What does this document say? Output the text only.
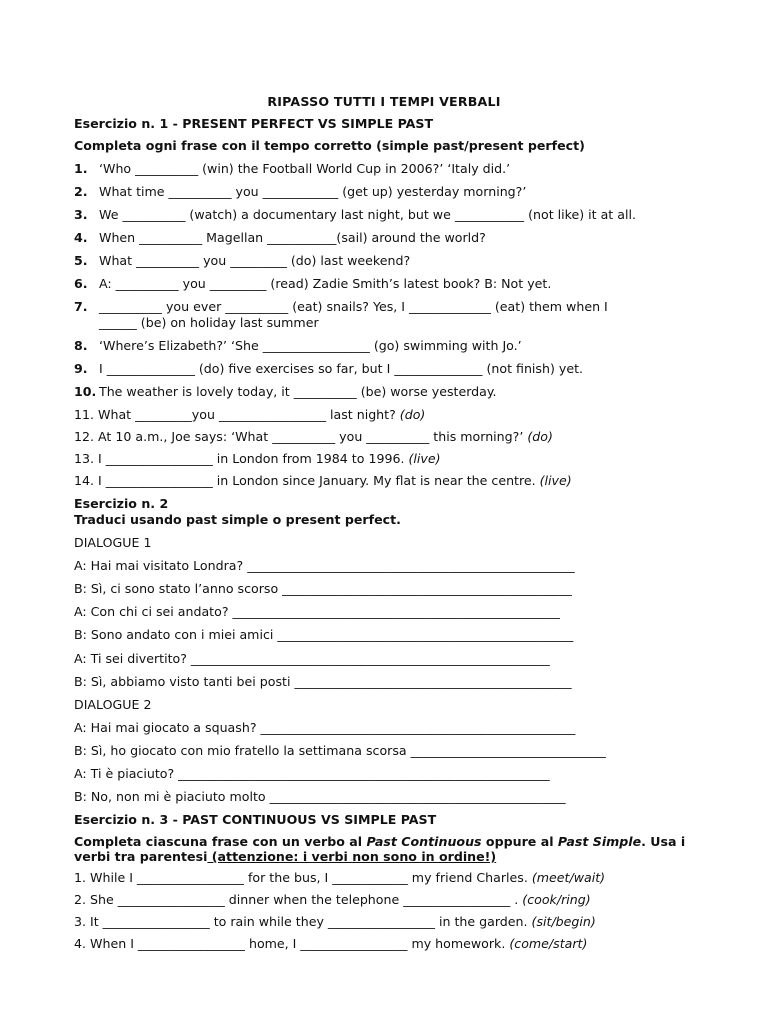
RIPASSO TUTTI I TEMPI VERBALI
Esercizio n. 1 - PRESENT PERFECT VS SIMPLE PAST
Completa ogni frase con il tempo corretto (simple past/present perfect)
1. ‘Who __________ (win) the Football World Cup in 2006?’ ‘Italy did.’
2. What time __________ you ____________ (get up) yesterday morning?’
3. We __________ (watch) a documentary last night, but we ___________ (not like) it at all.
4. When __________ Magellan ___________(sail) around the world?
5. What __________ you _________ (do) last weekend?
6. A: __________ you _________ (read) Zadie Smith’s latest book? B: Not yet.
7. __________ you ever __________ (eat) snails? Yes, I _____________ (eat) them when I
______ (be) on holiday last summer
8. ‘Where’s Elizabeth?’ ‘She _________________ (go) swimming with Jo.’
9. I ______________ (do) five exercises so far, but I ______________ (not finish) yet.
10. The weather is lovely today, it __________ (be) worse yesterday.
11. What _________you _________________ last night? (do)
12. At 10 a.m., Joe says: ‘What __________ you __________ this morning?’ (do)
13. I _________________ in London from 1984 to 1996. (live)
14. I _________________ in London since January. My flat is near the centre. (live)
Esercizio n. 2
Traduci usando past simple o present perfect.
DIALOGUE 1
A: Hai mai visitato Londra? ____________________________________________________
B: Sì, ci sono stato l’anno scorso ______________________________________________
A: Con chi ci sei andato? ____________________________________________________
B: Sono andato con i miei amici _______________________________________________
A: Ti sei divertito? _________________________________________________________
B: Sì, abbiamo visto tanti bei posti ____________________________________________
DIALOGUE 2
A: Hai mai giocato a squash? __________________________________________________
B: Sì, ho giocato con mio fratello la settimana scorsa _______________________________
A: Ti è piaciuto? ___________________________________________________________
B: No, non mi è piaciuto molto _______________________________________________
Esercizio n. 3 - PAST CONTINUOUS VS SIMPLE PAST
Completa ciascuna frase con un verbo al Past Continuous oppure al Past Simple. Usa i verbi tra parentesi (attenzione: i verbi non sono in ordine!)
1. While I _________________ for the bus, I ____________ my friend Charles. (meet/wait)
2. She _________________ dinner when the telephone _________________ . (cook/ring)
3. It _________________ to rain while they _________________ in the garden. (sit/begin)
4. When I _________________ home, I _________________ my homework. (come/start)
